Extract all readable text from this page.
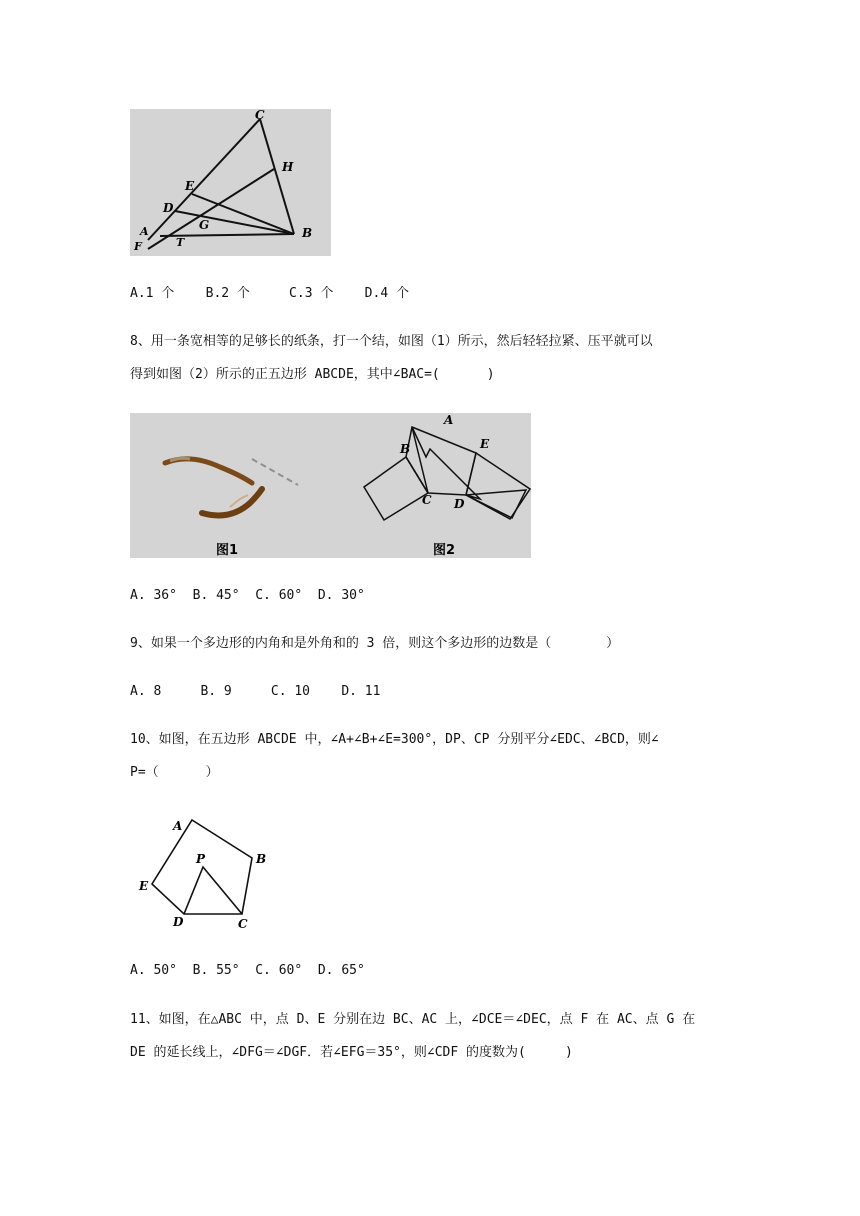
C
H
E
D
G
A
F	T
B
A.1 个    B.2 个     C.3 个    D.4 个
8、用一条宽相等的足够长的纸条，打一个结，如图（1）所示，然后轻轻拉紧、压平就可以
得到如图（2）所示的正五边形 ABCDE，其中∠BAC=(      )
图1	图2
A
B
C D
E
A. 36°  B. 45°  C. 60°  D. 30°
9、如果一个多边形的内角和是外角和的 3 倍，则这个多边形的边数是（       ）
A. 8     B. 9     C. 10    D. 11
10、如图，在五边形 ABCDE 中，∠A+∠B+∠E=300°，DP、CP 分别平分∠EDC、∠BCD，则∠
P=（      ）
A
B
C
D
E
P
A. 50°  B. 55°  C. 60°  D. 65°
11、如图，在△ABC 中，点 D、E 分别在边 BC、AC 上，∠DCE＝∠DEC，点 F 在 AC、点 G 在
DE 的延长线上，∠DFG＝∠DGF．若∠EFG＝35°，则∠CDF 的度数为(     )
